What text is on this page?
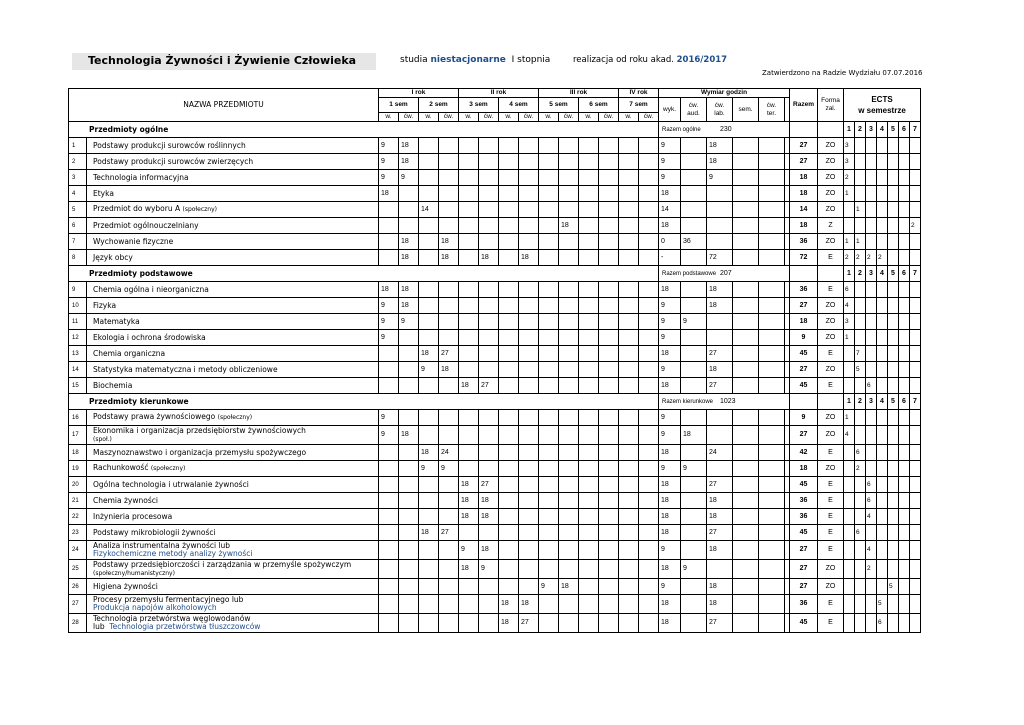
Technologia Żywności i Żywienie Człowieka	studia niestacjonarne  I stopnia	realizacja od roku akad. 2016/2017
Zatwierdzono na Radzie Wydziału 07.07.2016
NAZWA PRZEDMIOTU		I rok				II rok				III rok				IV rok		Wymiar godzin						Razem	Forma
zal.	ECTS
w semestrze						
		1 sem		2 sem		3 sem		4 sem		5 sem		6 sem		7 sem		wyk.	ćw.
aud.	ćw.
lab.	sem.	ćw.
ter.										
		w.	ćw.	w.	ćw.	w.	ćw.	w.	ćw.	w.	ćw.	w.	ćw.	w.	ćw.															
Przedmioty ogólne																Razem ogólne 230								1	2	3	4	5	6	7
1	Podstawy produkcji surowców roślinnych	9	18													9		18				27	ZO	3						
2	Podstawy produkcji surowców zwierzęcych	9	18													9		18				27	ZO	3						
3	Technologia informacyjna	9	9													9		9				18	ZO	2						
4	Etyka	18														18						18	ZO	1						
5	Przedmiot do wyboru A (społeczny)			14												14						14	ZO		1					
6	Przedmiot ogólnouczelniany										18					18						18	Z							2
7	Wychowanie fizyczne		18		18											0	36					36	ZO	1	1					
8	Język obcy		18		18		18		18							-		72				72	E	2	2	2	2			
Przedmioty podstawowe																Razem podstawowe 207								1	2	3	4	5	6	7
9	Chemia ogólna i nieorganiczna	18	18													18		18				36	E	6						
10	Fizyka	9	18													9		18				27	ZO	4						
11	Matematyka	9	9													9	9					18	ZO	3						
12	Ekologia i ochrona środowiska	9														9						9	ZO	1						
13	Chemia organiczna			18	27											18		27				45	E		7					
14	Statystyka matematyczna i metody obliczeniowe			9	18											9		18				27	ZO		5					
15	Biochemia					18	27									18		27				45	E			6				
Przedmioty kierunkowe																Razem kierunkowe 1023								1	2	3	4	5	6	7
16	Podstawy prawa żywnościowego (społeczny)	9														9						9	ZO	1						
17	Ekonomika i organizacja przedsiębiorstw żywnościowych
(społ.)	9	18													9	18					27	ZO	4						
18	Maszynoznawstwo i organizacja przemysłu spożywczego			18	24											18		24				42	E		6					
19	Rachunkowość (społeczny)			9	9											9	9					18	ZO		2					
20	Ogólna technologia i utrwalanie żywności					18	27									18		27				45	E			6				
21	Chemia żywności					18	18									18		18				36	E			6				
22	Inżynieria procesowa					18	18									18		18				36	E			4				
23	Podstawy mikrobiologii żywności			18	27											18		27				45	E		6					
24	Analiza instrumentalna żywności lub
Fizykochemiczne metody analizy żywności					9	18									9		18				27	E			4				
25	Podstawy przedsiębiorczości i zarządzania w przemyśle spożywczym
(społeczny/humanistyczny)					18	9									18	9					27	ZO			2				
26	Higiena żywności									9	18					9		18				27	ZO					5		
27	Procesy przemysłu fermentacyjnego lub
Produkcja napojów alkoholowych							18	18							18		18				36	E				5			
28	Technologia przetwórstwa węglowodanów
lub  Technologia przetwórstwa tłuszczowców							18	27							18		27				45	E				6			
